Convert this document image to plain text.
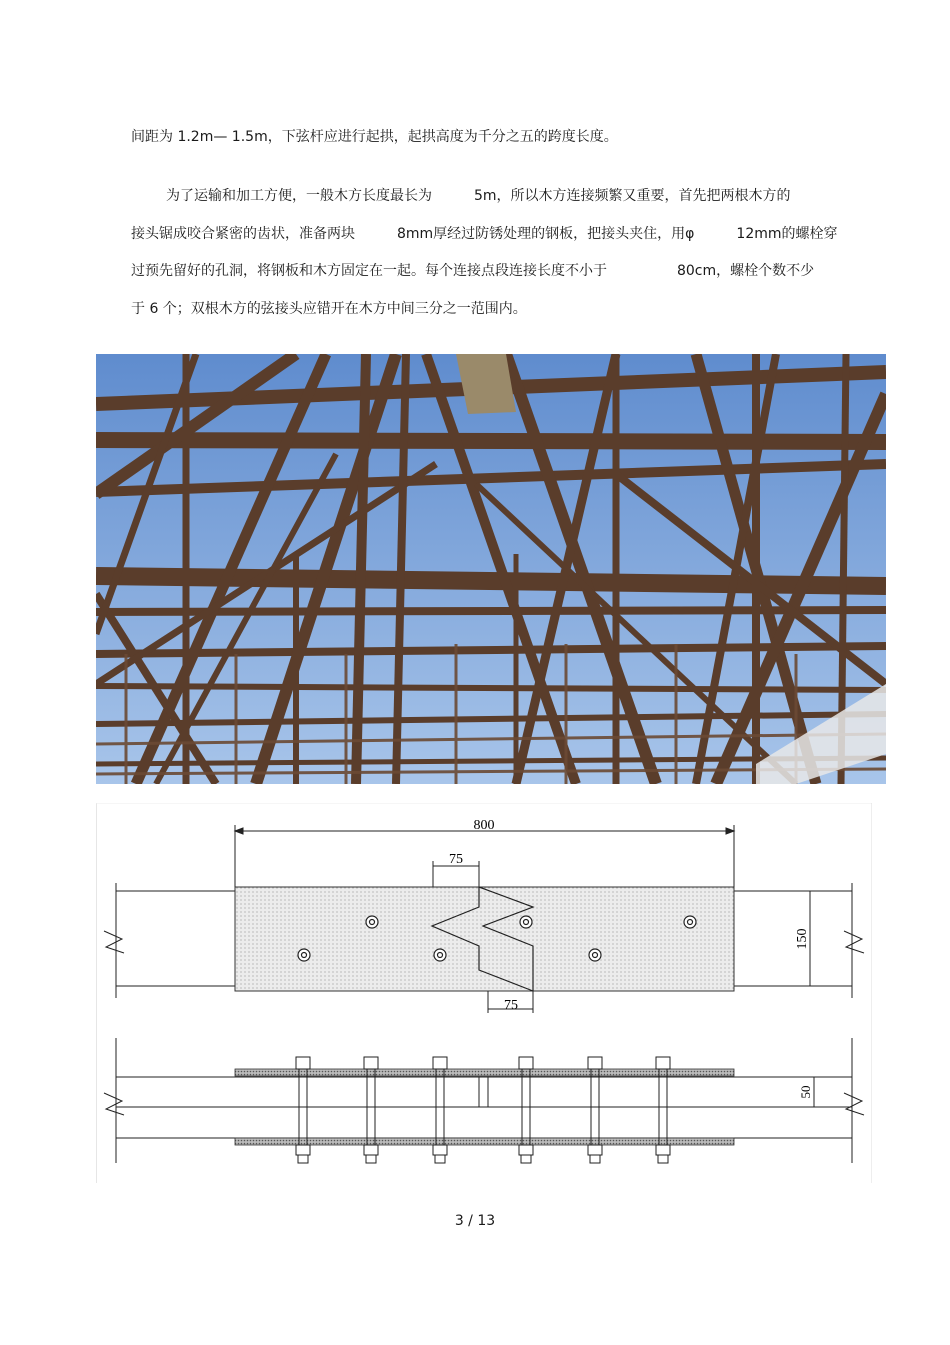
间距为 1.2m— 1.5m，下弦杆应进行起拱，起拱高度为千分之五的跨度长度。
为了运输和加工方便，一般木方长度最长为　　　5m，所以木方连接频繁又重要，首先把两根木方的
接头锯成咬合紧密的齿状，准备两块　　　8mm厚经过防锈处理的钢板，把接头夹住，用φ　　　12mm的螺栓穿
过预先留好的孔洞，将钢板和木方固定在一起。每个连接点段连接长度不小于　　　　　80cm，螺栓个数不少
于 6 个；双根木方的弦接头应错开在木方中间三分之一范围内。
800
75
75
150
50
3 / 13
